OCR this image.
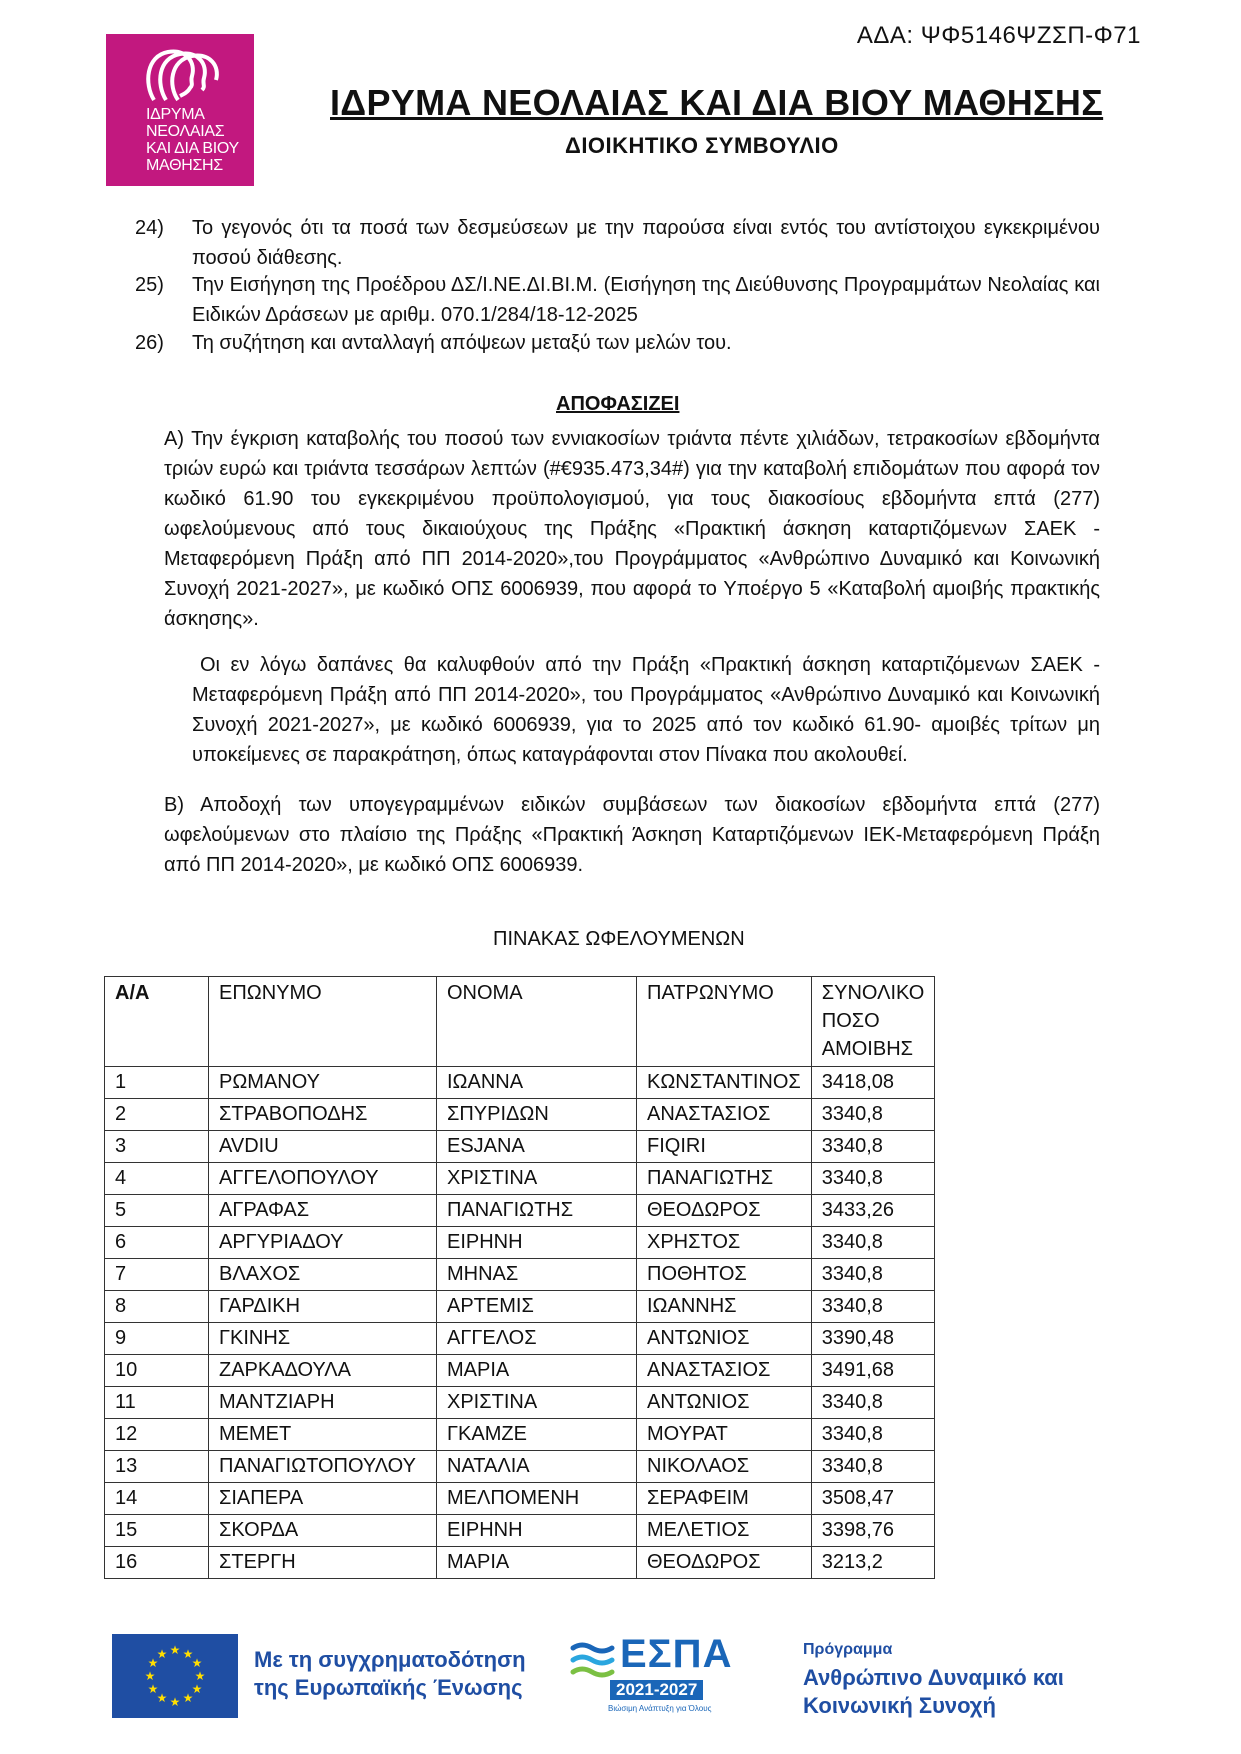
ΑΔΑ: ΨΦ5146ΨΖΣΠ-Φ71
ΙΔΡΥΜΑ
ΝΕΟΛΑΙΑΣ
ΚΑΙ ΔΙΑ ΒΙΟΥ
ΜΑΘΗΣΗΣ
ΙΔΡΥΜΑ ΝΕΟΛΑΙΑΣ ΚΑΙ ΔΙΑ ΒΙΟΥ ΜΑΘΗΣΗΣ
ΔΙΟΙΚΗΤΙΚΟ ΣΥΜΒΟΥΛΙΟ
24) Το γεγονός ότι τα ποσά των δεσμεύσεων με την παρούσα είναι εντός του αντίστοιχου εγκεκριμένου ποσού διάθεσης.
25) Την Εισήγηση της Προέδρου ΔΣ/Ι.ΝΕ.ΔΙ.ΒΙ.Μ. (Εισήγηση της Διεύθυνσης Προγραμμάτων Νεολαίας και Ειδικών Δράσεων με αριθμ. 070.1/284/18-12-2025
26) Τη συζήτηση και ανταλλαγή απόψεων μεταξύ των μελών του.
ΑΠΟΦΑΣΙΖΕΙ
Α) Την έγκριση καταβολής του ποσού των εννιακοσίων τριάντα πέντε χιλιάδων, τετρακοσίων εβδομήντα τριών ευρώ και τριάντα τεσσάρων λεπτών (#€935.473,34#) για την καταβολή επιδομάτων που αφορά τον κωδικό 61.90 του εγκεκριμένου προϋπολογισμού, για τους διακοσίους εβδομήντα επτά (277) ωφελούμενους από τους δικαιούχους της Πράξης «Πρακτική άσκηση καταρτιζόμενων ΣΑΕΚ - Μεταφερόμενη Πράξη από ΠΠ 2014-2020»,του Προγράμματος «Ανθρώπινο Δυναμικό και Κοινωνική Συνοχή 2021-2027», με κωδικό ΟΠΣ 6006939, που αφορά το Υποέργο 5 «Καταβολή αμοιβής πρακτικής άσκησης».
Οι εν λόγω δαπάνες θα καλυφθούν από την Πράξη «Πρακτική άσκηση καταρτιζόμενων ΣΑΕΚ - Μεταφερόμενη Πράξη από ΠΠ 2014-2020», του Προγράμματος «Ανθρώπινο Δυναμικό και Κοινωνική Συνοχή 2021-2027», με κωδικό 6006939, για το 2025 από τον κωδικό 61.90- αμοιβές τρίτων μη υποκείμενες σε παρακράτηση, όπως καταγράφονται στον Πίνακα που ακολουθεί.
Β) Αποδοχή των υπογεγραμμένων ειδικών συμβάσεων των διακοσίων εβδομήντα επτά (277) ωφελούμενων στο πλαίσιο της Πράξης «Πρακτική Άσκηση Καταρτιζόμενων ΙΕΚ-Μεταφερόμενη Πράξη από ΠΠ 2014-2020», με κωδικό ΟΠΣ 6006939.
ΠΙΝΑΚΑΣ ΩΦΕΛΟΥΜΕΝΩΝ
Α/Α	ΕΠΩΝΥΜΟ	ΟΝΟΜΑ	ΠΑΤΡΩΝΥΜΟ	ΣΥΝΟΛΙΚΟ ΠΟΣΟ ΑΜΟΙΒΗΣ
1	ΡΩΜΑΝΟΥ	ΙΩΑΝΝΑ	ΚΩΝΣΤΑΝΤΙΝΟΣ	3418,08
2	ΣΤΡΑΒΟΠΟΔΗΣ	ΣΠΥΡΙΔΩΝ	ΑΝΑΣΤΑΣΙΟΣ	3340,8
3	AVDIU	ESJANA	FIQIRI	3340,8
4	ΑΓΓΕΛΟΠΟΥΛΟΥ	ΧΡΙΣΤΙΝΑ	ΠΑΝΑΓΙΩΤΗΣ	3340,8
5	ΑΓΡΑΦΑΣ	ΠΑΝΑΓΙΩΤΗΣ	ΘΕΟΔΩΡΟΣ	3433,26
6	ΑΡΓΥΡΙΑΔΟΥ	ΕΙΡΗΝΗ	ΧΡΗΣΤΟΣ	3340,8
7	ΒΛΑΧΟΣ	ΜΗΝΑΣ	ΠΟΘΗΤΟΣ	3340,8
8	ΓΑΡΔΙΚΗ	ΑΡΤΕΜΙΣ	ΙΩΑΝΝΗΣ	3340,8
9	ΓΚΙΝΗΣ	ΑΓΓΕΛΟΣ	ΑΝΤΩΝΙΟΣ	3390,48
10	ΖΑΡΚΑΔΟΥΛΑ	ΜΑΡΙΑ	ΑΝΑΣΤΑΣΙΟΣ	3491,68
11	ΜΑΝΤΖΙΑΡΗ	ΧΡΙΣΤΙΝΑ	ΑΝΤΩΝΙΟΣ	3340,8
12	ΜΕΜΕΤ	ΓΚΑΜΖΕ	ΜΟΥΡΑΤ	3340,8
13	ΠΑΝΑΓΙΩΤΟΠΟΥΛΟΥ	ΝΑΤΑΛΙΑ	ΝΙΚΟΛΑΟΣ	3340,8
14	ΣΙΑΠΕΡΑ	ΜΕΛΠΟΜΕΝΗ	ΣΕΡΑΦΕΙΜ	3508,47
15	ΣΚΟΡΔΑ	ΕΙΡΗΝΗ	ΜΕΛΕΤΙΟΣ	3398,76
16	ΣΤΕΡΓΗ	ΜΑΡΙΑ	ΘΕΟΔΩΡΟΣ	3213,2
★ ★
★
★
★
★
★
★
★
★
★
★	Με τη συγχρηματοδότηση
της Ευρωπαϊκής Ένωσης
ΕΣΠΑ
2021-2027
Βιώσιμη Ανάπτυξη για Όλους
Πρόγραμμα
Ανθρώπινο Δυναμικό και
Κοινωνική Συνοχή
